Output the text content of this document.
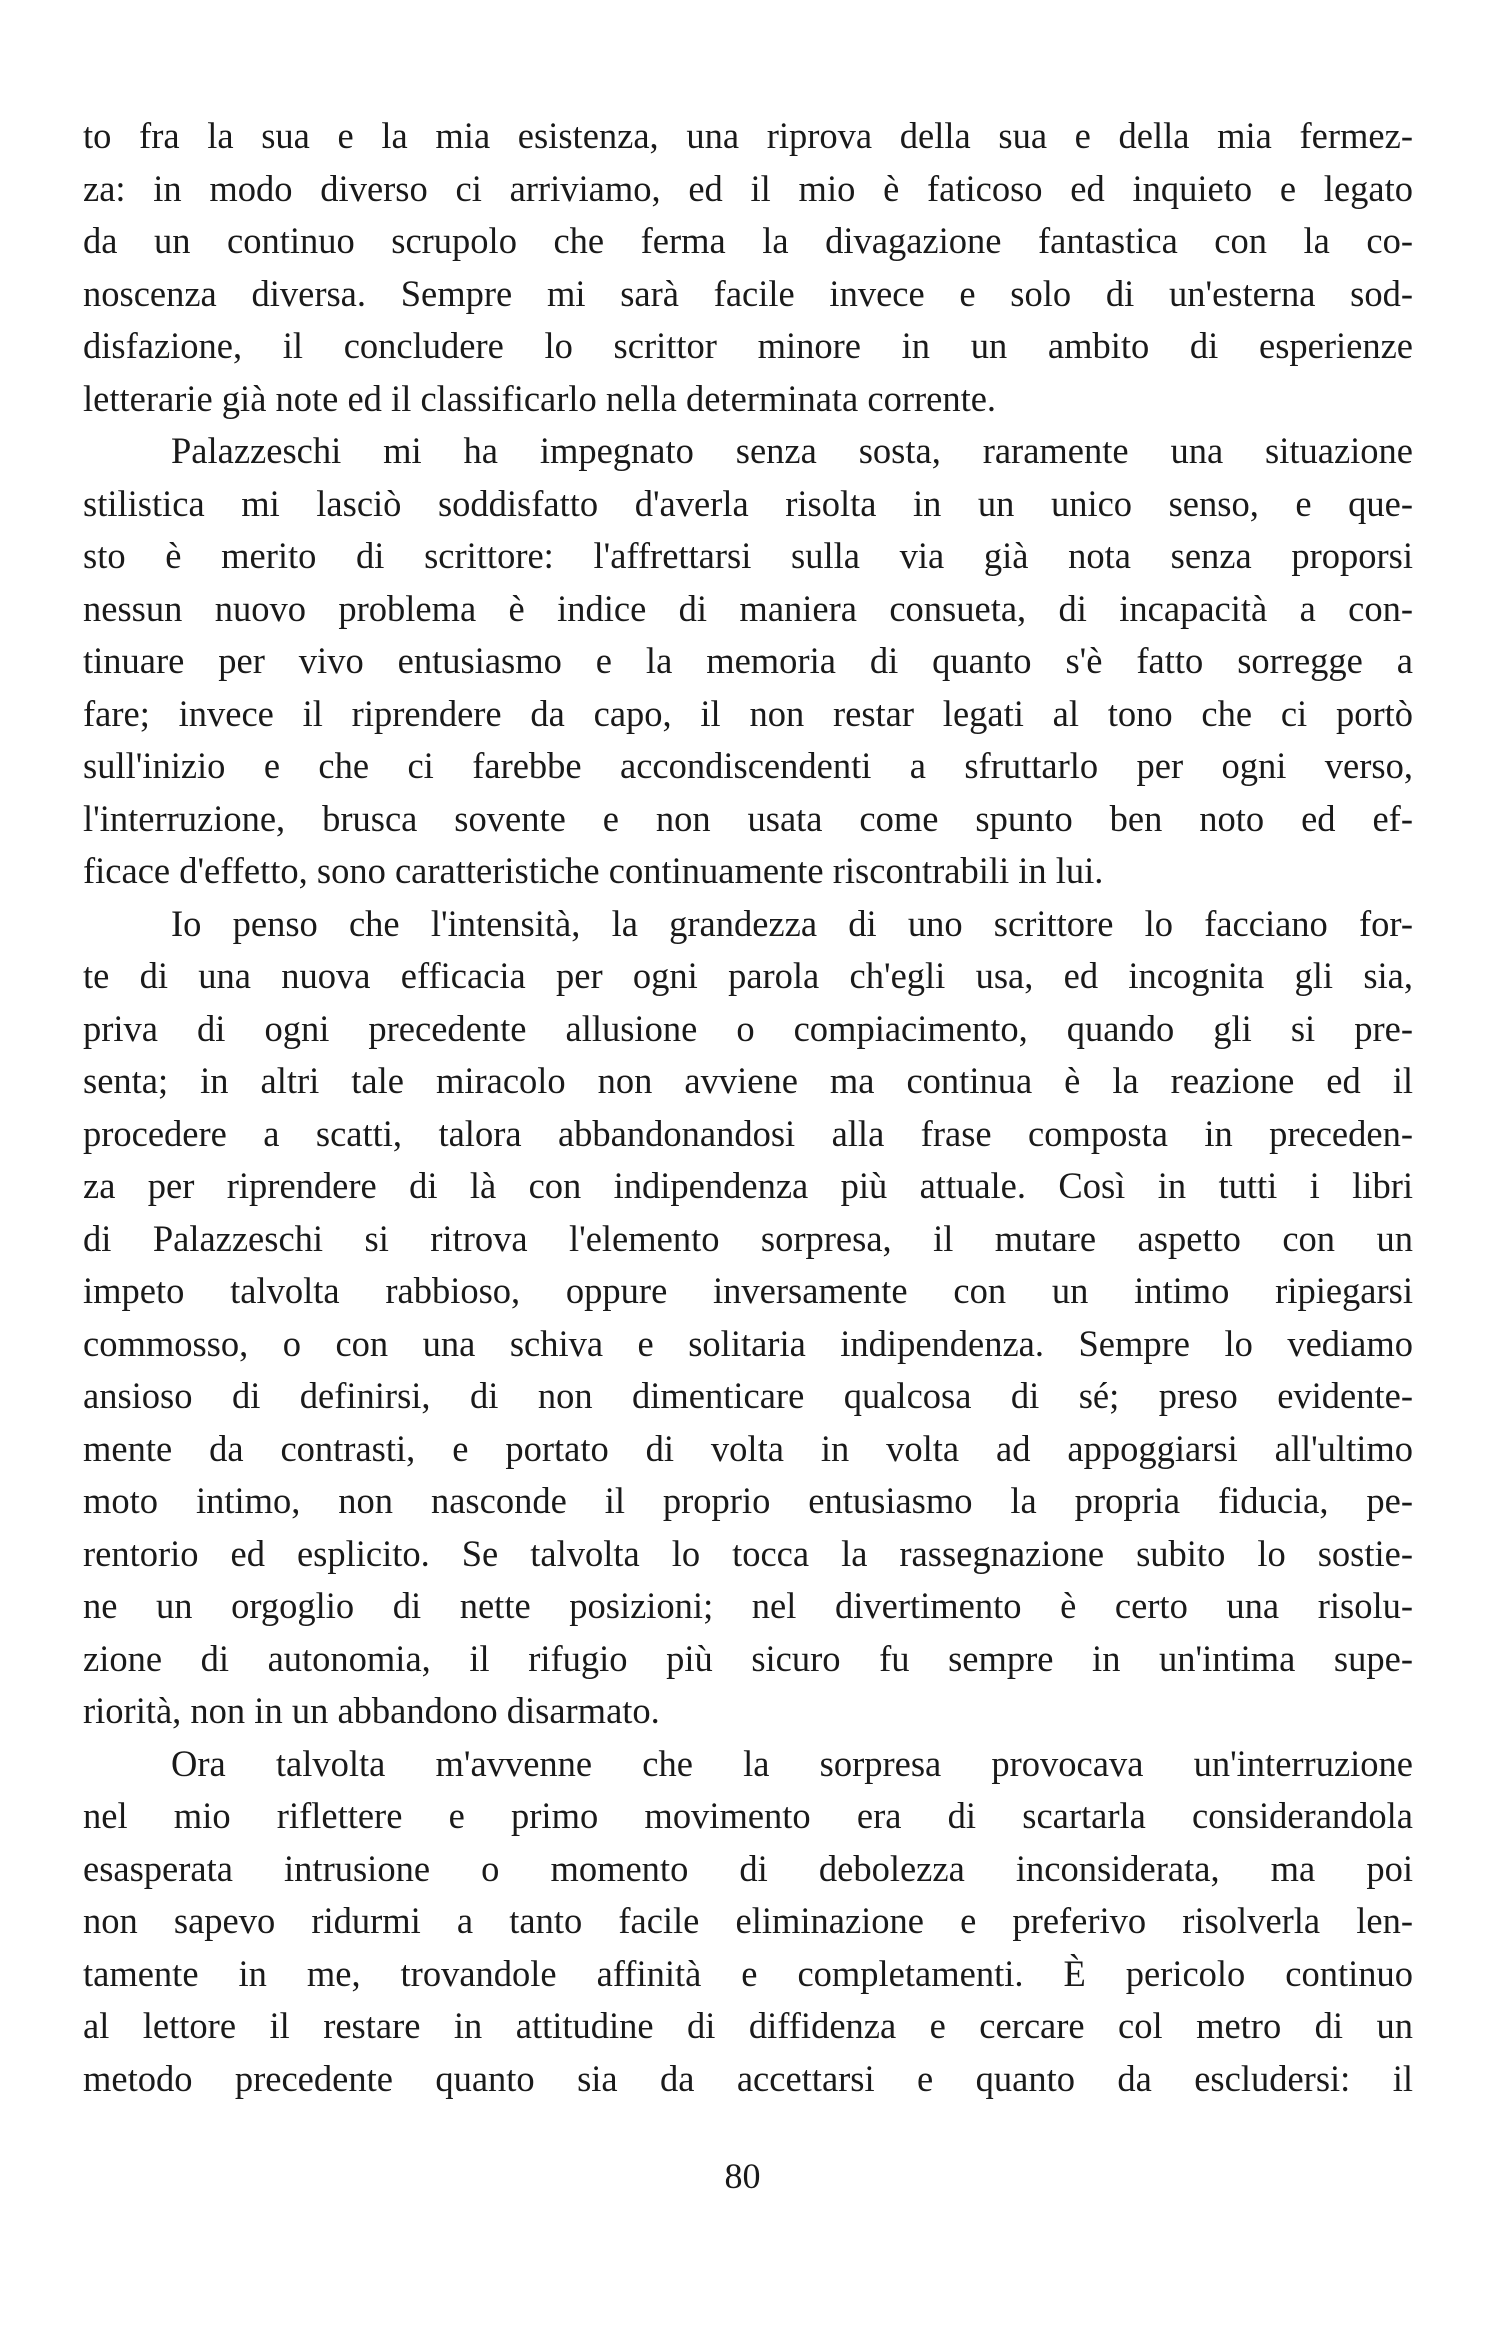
to fra la sua e la mia esistenza, una riprova della sua e della mia fermez-
za: in modo diverso ci arriviamo, ed il mio è faticoso ed inquieto e legato
da un continuo scrupolo che ferma la divagazione fantastica con la co-
noscenza diversa. Sempre mi sarà facile invece e solo di un'esterna sod-
disfazione, il concludere lo scrittor minore in un ambito di esperienze
letterarie già note ed il classificarlo nella determinata corrente.
Palazzeschi mi ha impegnato senza sosta, raramente una situazione
stilistica mi lasciò soddisfatto d'averla risolta in un unico senso, e que-
sto è merito di scrittore: l'affrettarsi sulla via già nota senza proporsi
nessun nuovo problema è indice di maniera consueta, di incapacità a con-
tinuare per vivo entusiasmo e la memoria di quanto s'è fatto sorregge a
fare; invece il riprendere da capo, il non restar legati al tono che ci portò
sull'inizio e che ci farebbe accondiscendenti a sfruttarlo per ogni verso,
l'interruzione, brusca sovente e non usata come spunto ben noto ed ef-
ficace d'effetto, sono caratteristiche continuamente riscontrabili in lui.
Io penso che l'intensità, la grandezza di uno scrittore lo facciano for-
te di una nuova efficacia per ogni parola ch'egli usa, ed incognita gli sia,
priva di ogni precedente allusione o compiacimento, quando gli si pre-
senta; in altri tale miracolo non avviene ma continua è la reazione ed il
procedere a scatti, talora abbandonandosi alla frase composta in preceden-
za per riprendere di là con indipendenza più attuale. Così in tutti i libri
di Palazzeschi si ritrova l'elemento sorpresa, il mutare aspetto con un
impeto talvolta rabbioso, oppure inversamente con un intimo ripiegarsi
commosso, o con una schiva e solitaria indipendenza. Sempre lo vediamo
ansioso di definirsi, di non dimenticare qualcosa di sé; preso evidente-
mente da contrasti, e portato di volta in volta ad appoggiarsi all'ultimo
moto intimo, non nasconde il proprio entusiasmo la propria fiducia, pe-
rentorio ed esplicito. Se talvolta lo tocca la rassegnazione subito lo sostie-
ne un orgoglio di nette posizioni; nel divertimento è certo una risolu-
zione di autonomia, il rifugio più sicuro fu sempre in un'intima supe-
riorità, non in un abbandono disarmato.
Ora talvolta m'avvenne che la sorpresa provocava un'interruzione
nel mio riflettere e primo movimento era di scartarla considerandola
esasperata intrusione o momento di debolezza inconsiderata, ma poi
non sapevo ridurmi a tanto facile eliminazione e preferivo risolverla len-
tamente in me, trovandole affinità e completamenti. È pericolo continuo
al lettore il restare in attitudine di diffidenza e cercare col metro di un
metodo precedente quanto sia da accettarsi e quanto da escludersi: il
80
